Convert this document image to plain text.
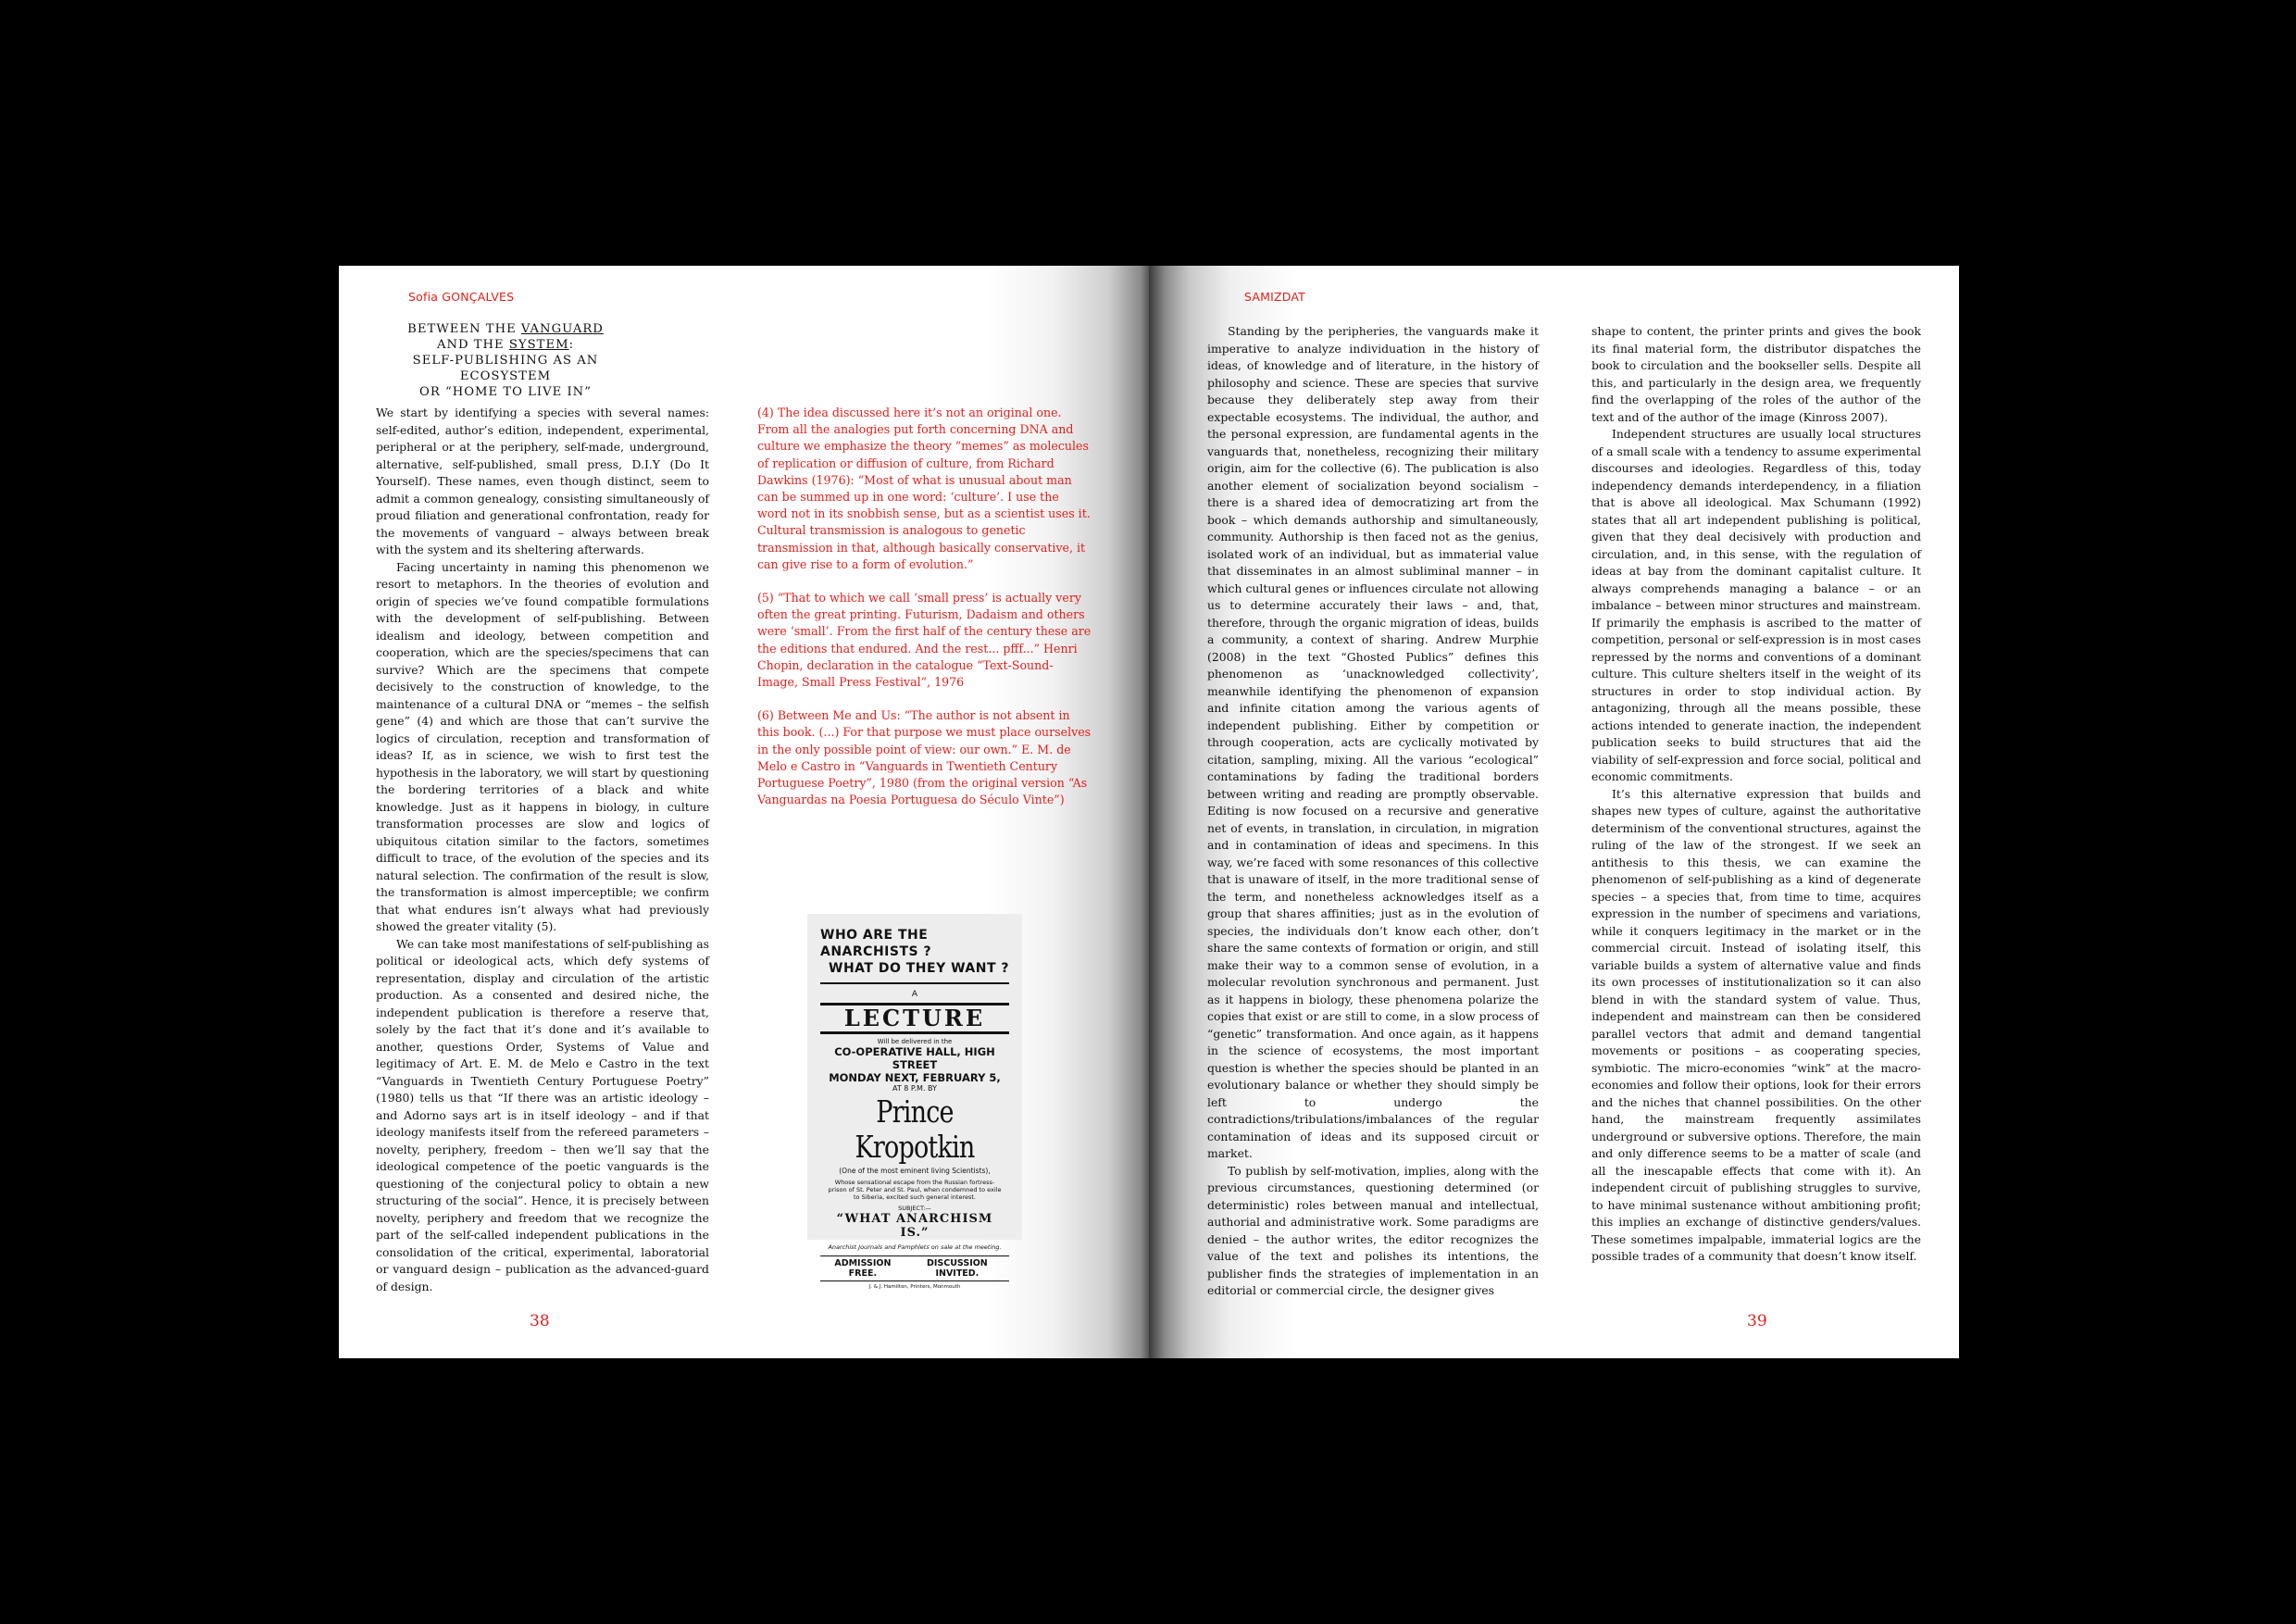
Sofia GONÇALVES
BETWEEN THE VANGUARD
AND THE SYSTEM:
SELF-PUBLISHING AS AN ECOSYSTEM
OR “HOME TO LIVE IN”

We start by identifying a species with several names: self-edited, author’s edition, independent, experimental, peripheral or at the periphery, self-made, underground, alternative, self-published, small press, D.I.Y (Do It Yourself). These names, even though distinct, seem to admit a common genealogy, consisting simultaneously of proud filiation and generational confrontation, ready for the movements of vanguard – always between break with the system and its sheltering afterwards.

Facing uncertainty in naming this phenomenon we resort to metaphors. In the theories of evolution and origin of species we’ve found compatible formulations with the development of self-publishing. Between idealism and ideology, between competition and cooperation, which are the species/specimens that can survive? Which are the specimens that compete decisively to the construction of knowledge, to the maintenance of a cultural DNA or “memes – the selfish gene” (4) and which are those that can’t survive the logics of circulation, reception and transformation of ideas? If, as in science, we wish to first test the hypothesis in the laboratory, we will start by questioning the bordering territories of a black and white knowledge. Just as it happens in biology, in culture transformation processes are slow and logics of ubiquitous citation similar to the factors, sometimes difficult to trace, of the evolution of the species and its natural selection. The confirmation of the result is slow, the transformation is almost imperceptible; we confirm that what endures isn’t always what had previously showed the greater vitality (5).

We can take most manifestations of self-publishing as political or ideological acts, which defy systems of representation, display and circulation of the artistic production. As a consented and desired niche, the independent publication is therefore a reserve that, solely by the fact that it’s done and it’s available to another, questions Order, Systems of Value and legitimacy of Art. E. M. de Melo e Castro in the text “Vanguards in Twentieth Century Portuguese Poetry” (1980) tells us that “If there was an artistic ideology – and Adorno says art is in itself ideology – and if that ideology manifests itself from the refereed parameters – novelty, periphery, freedom – then we’ll say that the ideological competence of the poetic vanguards is the questioning of the conjectural policy to obtain a new structuring of the social”. Hence, it is precisely between novelty, periphery and freedom that we recognize the part of the self-called independent publications in the consolidation of the critical, experimental, laboratorial or vanguard design – publication as the advanced-guard of design.

(4) The idea discussed here it’s not an original one. From all the analogies put forth concerning DNA and culture we emphasize the theory “memes” as molecules of replication or diffusion of culture, from Richard Dawkins (1976): “Most of what is unusual about man can be summed up in one word: ‘culture’. I use the word not in its snobbish sense, but as a scientist uses it. Cultural transmission is analogous to genetic transmission in that, although basically conservative, it can give rise to a form of evolution.”

(5) “That to which we call ‘small press’ is actually very often the great printing. Futurism, Dadaism and others were ‘small’. From the first half of the century these are the editions that endured. And the rest... pfff...” Henri Chopin, declaration in the catalogue “Text-Sound-Image, Small Press Festival”, 1976

(6) Between Me and Us: “The author is not absent in this book. (...) For that purpose we must place ourselves in the only possible point of view: our own.” E. M. de Melo e Castro in “Vanguards in Twentieth Century Portuguese Poetry”, 1980 (from the original version “As Vanguardas na Poesia Portuguesa do Século Vinte”)

WHO ARE THE ANARCHISTS ?
WHAT DO THEY WANT ?
A
LECTURE
Will be delivered in the
CO-OPERATIVE HALL, HIGH STREET
MONDAY NEXT, FEBRUARY 5,
AT 8 P.M. BY
Prince Kropotkin
(One of the most eminent living Scientists),
Whose sensational escape from the Russian fortress-prison of St. Peter and St. Paul, when condemned to exile to Siberia, excited such general interest.
SUBJECT:—
“WHAT ANARCHISM IS.”
Anarchist Journals and Pamphlets on sale at the meeting.
ADMISSION FREE.
DISCUSSION INVITED.
J. & J. Hamilton, Printers, Monmouth
38
SAMIZDAT

Standing by the peripheries, the vanguards make it imperative to analyze individuation in the history of ideas, of knowledge and of literature, in the history of philosophy and science. These are species that survive because they deliberately step away from their expectable ecosystems. The individual, the author, and the personal expression, are fundamental agents in the vanguards that, nonetheless, recognizing their military origin, aim for the collective (6). The publication is also another element of socialization beyond socialism – there is a shared idea of democratizing art from the book – which demands authorship and simultaneously, community. Authorship is then faced not as the genius, isolated work of an individual, but as immaterial value that disseminates in an almost subliminal manner – in which cultural genes or influences circulate not allowing us to determine accurately their laws – and, that, therefore, through the organic migration of ideas, builds a community, a context of sharing. Andrew Murphie (2008) in the text “Ghosted Publics” defines this phenomenon as ‘unacknowledged collectivity’, meanwhile identifying the phenomenon of expansion and infinite citation among the various agents of independent publishing. Either by competition or through cooperation, acts are cyclically motivated by citation, sampling, mixing. All the various “ecological” contaminations by fading the traditional borders between writing and reading are promptly observable. Editing is now focused on a recursive and generative net of events, in translation, in circulation, in migration and in contamination of ideas and specimens. In this way, we’re faced with some resonances of this collective that is unaware of itself, in the more traditional sense of the term, and nonetheless acknowledges itself as a group that shares affinities; just as in the evolution of species, the individuals don’t know each other, don’t share the same contexts of formation or origin, and still make their way to a common sense of evolution, in a molecular revolution synchronous and permanent. Just as it happens in biology, these phenomena polarize the copies that exist or are still to come, in a slow process of “genetic” transformation. And once again, as it happens in the science of ecosystems, the most important question is whether the species should be planted in an evolutionary balance or whether they should simply be left to undergo the contradictions/tribulations/imbalances of the regular contamination of ideas and its supposed circuit or market.

To publish by self-motivation, implies, along with the previous circumstances, questioning determined (or deterministic) roles between manual and intellectual, authorial and administrative work. Some paradigms are denied – the author writes, the editor recognizes the value of the text and polishes its intentions, the publisher finds the strategies of implementation in an editorial or commercial circle, the designer gives

shape to content, the printer prints and gives the book its final material form, the distributor dispatches the book to circulation and the bookseller sells. Despite all this, and particularly in the design area, we frequently find the overlapping of the roles of the author of the text and of the author of the image (Kinross 2007).

Independent structures are usually local structures of a small scale with a tendency to assume experimental discourses and ideologies. Regardless of this, today independency demands interdependency, in a filiation that is above all ideological. Max Schumann (1992) states that all art independent publishing is political, given that they deal decisively with production and circulation, and, in this sense, with the regulation of ideas at bay from the dominant capitalist culture. It always comprehends managing a balance – or an imbalance – between minor structures and mainstream. If primarily the emphasis is ascribed to the matter of competition, personal or self-expression is in most cases repressed by the norms and conventions of a dominant culture. This culture shelters itself in the weight of its structures in order to stop individual action. By antagonizing, through all the means possible, these actions intended to generate inaction, the independent publication seeks to build structures that aid the viability of self-expression and force social, political and economic commitments.

It’s this alternative expression that builds and shapes new types of culture, against the authoritative determinism of the conventional structures, against the ruling of the law of the strongest. If we seek an antithesis to this thesis, we can examine the phenomenon of self-publishing as a kind of degenerate species – a species that, from time to time, acquires expression in the number of specimens and variations, while it conquers legitimacy in the market or in the commercial circuit. Instead of isolating itself, this variable builds a system of alternative value and finds its own processes of institutionalization so it can also blend in with the standard system of value. Thus, independent and mainstream can then be considered parallel vectors that admit and demand tangential movements or positions – as cooperating species, symbiotic. The micro-economies “wink” at the macro-economies and follow their options, look for their errors and the niches that channel possibilities. On the other hand, the mainstream frequently assimilates underground or subversive options. Therefore, the main and only difference seems to be a matter of scale (and all the inescapable effects that come with it). An independent circuit of publishing struggles to survive, to have minimal sustenance without ambitioning profit; this implies an exchange of distinctive genders/values. These sometimes impalpable, immaterial logics are the possible trades of a community that doesn’t know itself.

39
